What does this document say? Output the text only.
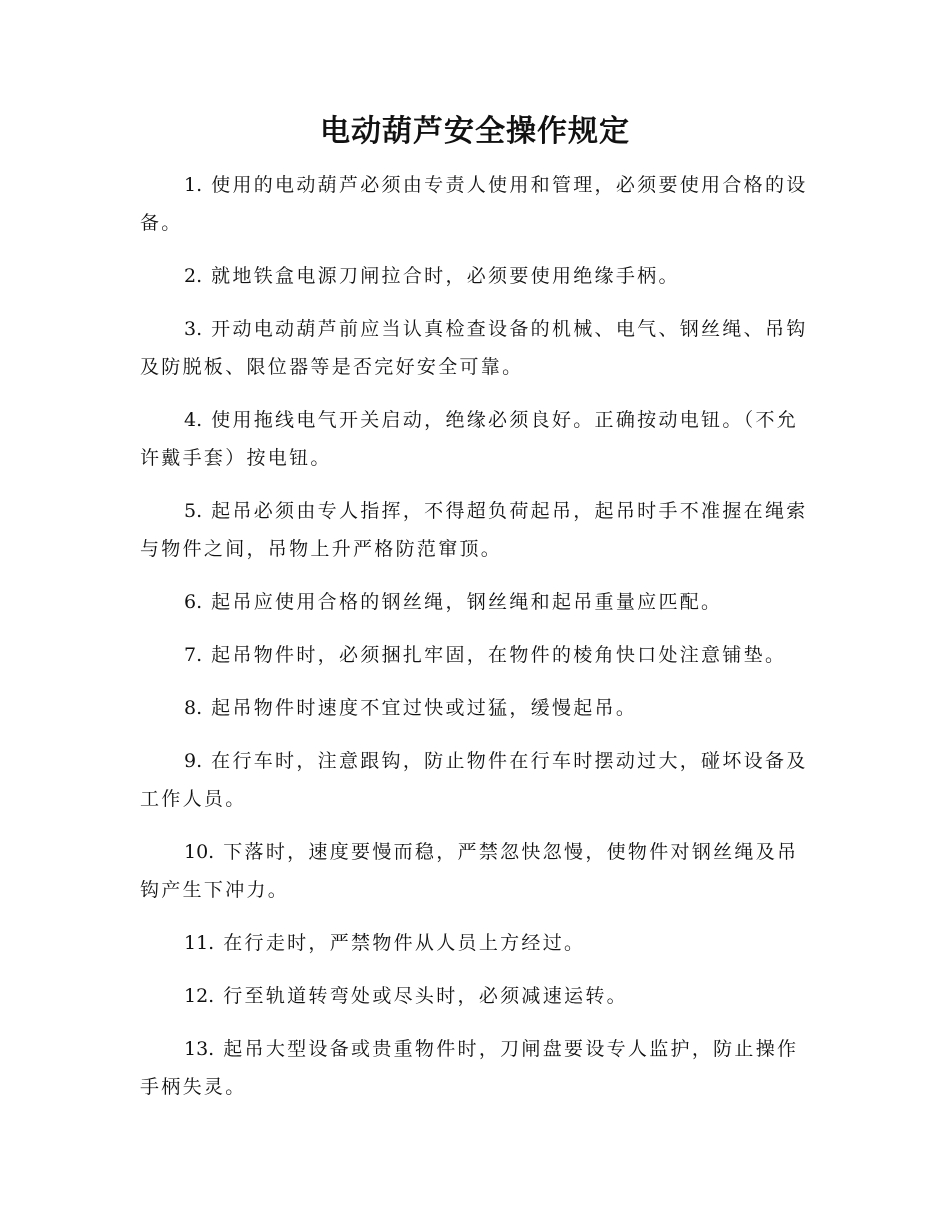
电动葫芦安全操作规定
1. 使用的电动葫芦必须由专责人使用和管理，必须要使用合格的设备。
2. 就地铁盒电源刀闸拉合时，必须要使用绝缘手柄。
3. 开动电动葫芦前应当认真检查设备的机械、电气、钢丝绳、吊钩及防脱板、限位器等是否完好安全可靠。
4. 使用拖线电气开关启动，绝缘必须良好。正确按动电钮。（不允许戴手套）按电钮。
5. 起吊必须由专人指挥，不得超负荷起吊，起吊时手不准握在绳索与物件之间，吊物上升严格防范窜顶。
6. 起吊应使用合格的钢丝绳，钢丝绳和起吊重量应匹配。
7. 起吊物件时，必须捆扎牢固，在物件的棱角快口处注意铺垫。
8. 起吊物件时速度不宜过快或过猛，缓慢起吊。
9. 在行车时，注意跟钩，防止物件在行车时摆动过大，碰坏设备及工作人员。
10. 下落时，速度要慢而稳，严禁忽快忽慢，使物件对钢丝绳及吊钩产生下冲力。
11. 在行走时，严禁物件从人员上方经过。
12. 行至轨道转弯处或尽头时，必须减速运转。
13. 起吊大型设备或贵重物件时，刀闸盘要设专人监护，防止操作手柄失灵。
